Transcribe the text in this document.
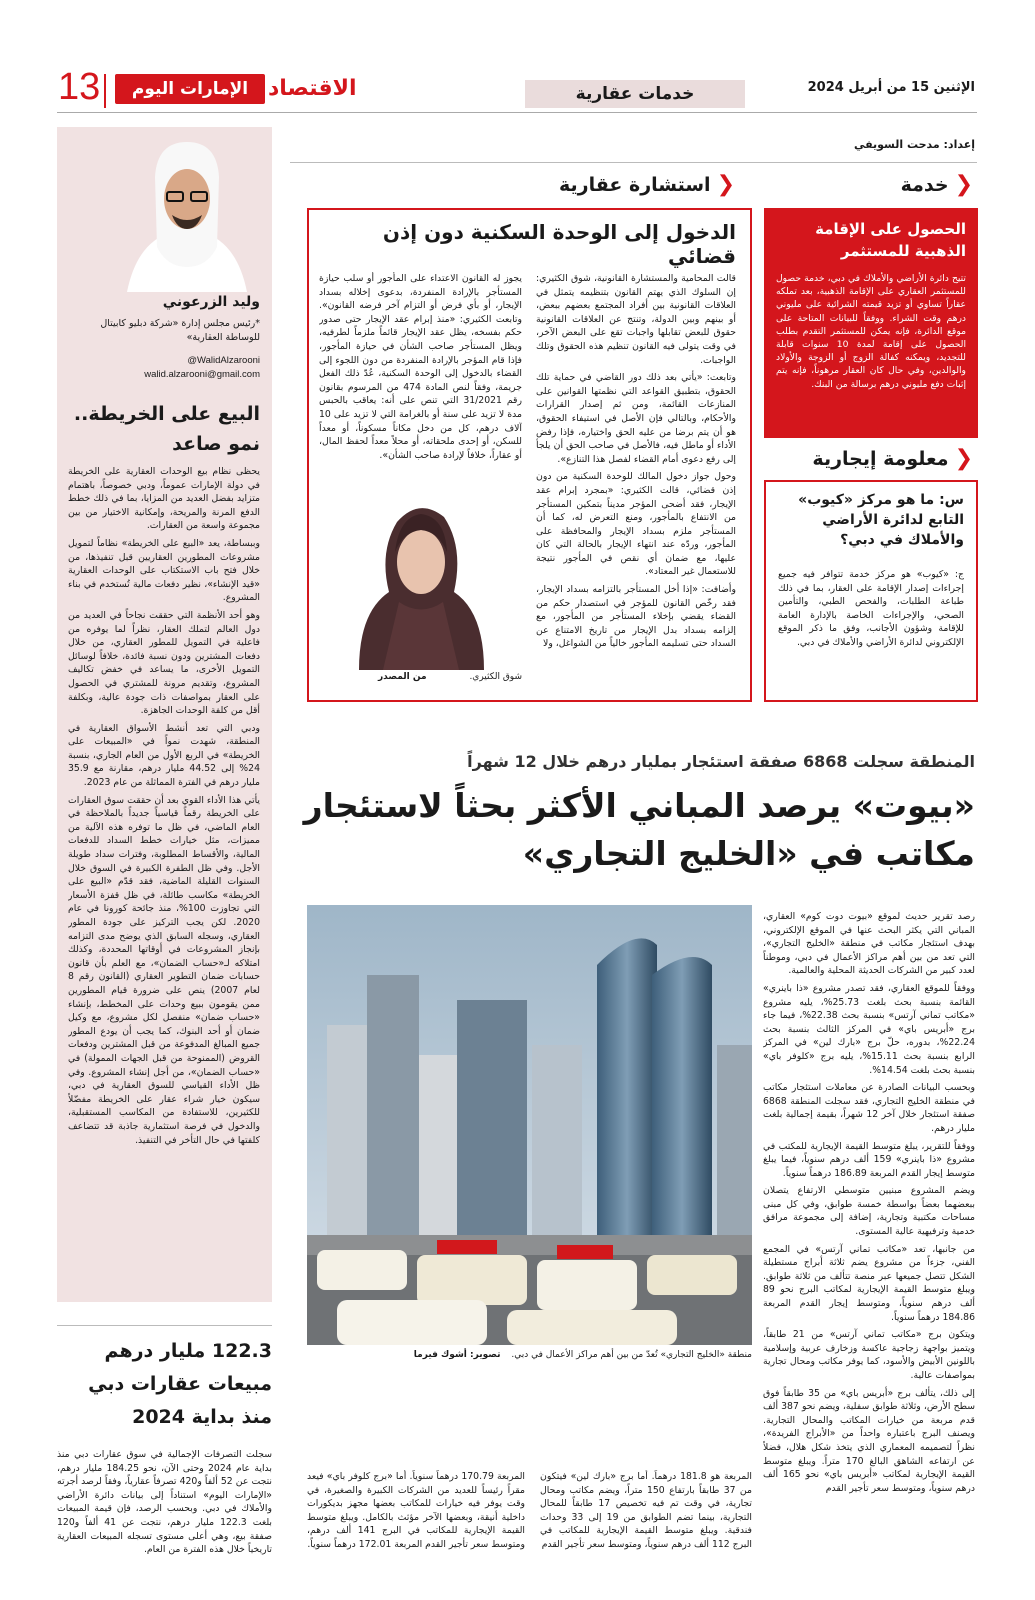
الإثنين 15 من أبريل 2024
خدمات عقارية
الاقتصاد
الإمارات اليوم
13
إعداد: مدحت السويفي
❮
خدمة
الحصول على الإقامة الذهبية للمستثمر
تتيح دائرة الأراضي والأملاك في دبي، خدمة حصول للمستثمر العقاري على الإقامة الذهبية، بعد تملكه عقاراً تساوي أو تزيد قيمته الشرائية على مليوني درهم وقت الشراء. ووفقاً للبيانات المتاحة على موقع الدائرة، فإنه يمكن للمستثمر التقدم بطلب الحصول على إقامة لمدة 10 سنوات قابلة للتجديد، ويمكنه كفالة الزوج أو الزوجة والأولاد والوالدين، وفي حال كان العقار مرهوناً، فإنه يتم إثبات دفع مليوني درهم برسالة من البنك.
❮
معلومة إيجارية
س: ما هو مركز «كيوب» التابع لدائرة الأراضي والأملاك في دبي؟
ج: «كيوب» هو مركز خدمة تتوافر فيه جميع إجراءات إصدار الإقامة على العقار، بما في ذلك طباعة الطلبات، والفحص الطبي، والتأمين الصحي، والإجراءات الخاصة بالإدارة العامة للإقامة وشؤون الأجانب، وفق ما ذكر الموقع الإلكتروني لدائرة الأراضي والأملاك في دبي.
❮
استشارة عقارية
الدخول إلى الوحدة السكنية دون إذن قضائي

قالت المحامية والمستشارة القانونية، شوق الكثيري: إن السلوك الذي يهتم القانون بتنظيمه يتمثل في العلاقات القانونية بين أفراد المجتمع بعضهم ببعض، أو بينهم وبين الدولة، وتنتج عن العلاقات القانونية حقوق للبعض تقابلها واجبات تقع على البعض الآخر، في وقت يتولى فيه القانون تنظيم هذه الحقوق وتلك الواجبات.

وتابعت: «يأتي بعد ذلك دور القاضي في حماية تلك الحقوق، بتطبيق القواعد التي نظمتها القوانين على المنازعات القائمة، ومن ثم إصدار القرارات والأحكام، وبالتالي فإن الأصل في استيفاء الحقوق، هو أن يتم برضا من عليه الحق واختياره، فإذا رفض الأداء أو ماطل فيه، فالأصل في صاحب الحق أن يلجأ إلى رفع دعوى أمام القضاء لفصل هذا التنازع».

وحول جواز دخول المالك للوحدة السكنية من دون إذن قضائي، قالت الكثيري: «بمجرد إبرام عقد الإيجار، فقد أضحى المؤجر مديناً بتمكين المستأجر من الانتفاع بالمأجور، ومنع التعرض له، كما أن المستأجر ملزم بسداد الإيجار والمحافظة على المأجور، وردّه عند انتهاء الإيجار بالحالة التي كان عليها، مع ضمان أي نقص في المأجور نتيجة للاستعمال غير المعتاد».

وأضافت: «إذا أخل المستأجر بالتزامه بسداد الإيجار، فقد رخّص القانون للمؤجر في استصدار حكم من القضاء يقضي بإخلاء المستأجر من المأجور، مع إلزامه بسداد بدل الإيجار من تاريخ الامتناع عن السداد حتى تسليمه المأجور خالياً من الشواغل، ولا

يجوز له القانون الاعتداء على المأجور أو سلب حيازة المستأجر بالإرادة المنفردة، بدعوى إخلاله بسداد الإيجار، أو بأي فرض أو التزام آخر فرضه القانون». وتابعت الكثيري: «منذ إبرام عقد الإيجار حتى صدور حكم بفسخه، يظل عقد الإيجار قائماً ملزماً لطرفيه، ويظل المستأجر صاحب الشأن في حيازة المأجور، فإذا قام المؤجر بالإرادة المنفردة من دون اللجوء إلى القضاء بالدخول إلى الوحدة السكنية، عُدّ ذلك الفعل جريمة، وفقاً لنص المادة 474 من المرسوم بقانون رقم 31/2021 التي تنص على أنه: يعاقب بالحبس مدة لا تزيد على سنة أو بالغرامة التي لا تزيد على 10 آلاف درهم، كل من دخل مكاناً مسكوناً، أو معداً للسكن، أو إحدى ملحقاته، أو محلاً معداً لحفظ المال، أو عقاراً، خلافاً لإرادة صاحب الشأن».
شوق الكثيري. من المصدر
المنطقة سجلت 6868 صفقة استئجار بمليار درهم خلال 12 شهراً
«بيوت» يرصد المباني الأكثر بحثاً لاستئجار مكاتب في «الخليج التجاري»
منطقة «الخليج التجاري» تُعدّ من بين أهم مراكز الأعمال في دبي. تصوير: أشوك فيرما

رصد تقرير حديث لموقع «بيوت دوت كوم» العقاري، المباني التي يكثر البحث عنها في الموقع الإلكتروني، بهدف استئجار مكاتب في منطقة «الخليج التجاري»، التي تعد من بين أهم مراكز الأعمال في دبي، وموطناً لعدد كبير من الشركات الحديثة المحلية والعالمية.

ووفقاً للموقع العقاري، فقد تصدر مشروع «ذا باينري» القائمة بنسبة بحث بلغت 25.73%، يليه مشروع «مكاتب تماني آرتس» بنسبة بحث 22.38%، فيما جاء برج «أبريس باي» في المركز الثالث بنسبة بحث 22.24%، بدوره، حلّ برج «بارك لين» في المركز الرابع بنسبة بحث 15.11%، يليه برج «كلوفر باي» بنسبة بحث بلغت 14.54%.

وبحسب البيانات الصادرة عن معاملات استئجار مكاتب في منطقة الخليج التجاري، فقد سجلت المنطقة 6868 صفقة استئجار خلال آخر 12 شهراً، بقيمة إجمالية بلغت مليار درهم.

ووفقاً للتقرير، يبلغ متوسط القيمة الإيجارية للمكتب في مشروع «ذا باينري» 159 ألف درهم سنوياً، فيما يبلغ متوسط إيجار القدم المربعة 186.89 درهماً سنوياً.

ويضم المشروع مبنيين متوسطي الارتفاع يتصلان ببعضهما بعضاً بواسطة خمسة طوابق، وفي كل مبنى مساحات مكتبية وتجارية، إضافة إلى مجموعة مرافق خدمية وترفيهية عالية المستوى.

من جانبها، تعد «مكاتب تماني آرتس» في المجمع الفني، جزءاً من مشروع يضم ثلاثة أبراج مستطيلة الشكل تتصل جميعها عبر منصة تتألف من ثلاثة طوابق. ويبلغ متوسط القيمة الإيجارية لمكاتب البرج نحو 89 ألف درهم سنوياً، ومتوسط إيجار القدم المربعة 184.86 درهماً سنوياً.

ويتكون برج «مكاتب تماني آرتس» من 21 طابقاً، ويتميز بواجهة زجاجية عاكسة وزخارف عربية وإسلامية باللونين الأبيض والأسود، كما يوفر مكاتب ومحال تجارية بمواصفات عالية.

إلى ذلك، يتألف برج «أبريس باي» من 35 طابقاً فوق سطح الأرض، وثلاثة طوابق سفلية، ويضم نحو 387 ألف قدم مربعة من خيارات المكاتب والمحال التجارية. ويصنف البرج باعتباره واحداً من «الأبراج الفريدة»، نظراً لتصميمه المعماري الذي يتخذ شكل هلال، فضلاً عن ارتفاعه الشاهق البالغ 170 متراً. ويبلغ متوسط القيمة الإيجارية لمكاتب «أبريس باي» نحو 165 ألف درهم سنوياً، ومتوسط سعر تأجير القدم

المربعة هو 181.8 درهماً. أما برج «بارك لين» فيتكون من 37 طابقاً بارتفاع 150 متراً، ويضم مكاتب ومحال تجارية، في وقت تم فيه تخصيص 17 طابقاً للمحال التجارية، بينما تضم الطوابق من 19 إلى 33 وحدات فندقية. ويبلغ متوسط القيمة الإيجارية للمكاتب في البرج 112 ألف درهم سنوياً، ومتوسط سعر تأجير القدم
المربعة 170.79 درهماً سنوياً. أما «برج كلوفر باي» فيعد مقراً رئيساً للعديد من الشركات الكبيرة والصغيرة، في وقت يوفر فيه خيارات للمكاتب بعضها مجهز بديكورات داخلية أنيقة، وبعضها الآخر مؤثث بالكامل. ويبلغ متوسط القيمة الإيجارية للمكاتب في البرج 141 ألف درهم، ومتوسط سعر تأجير القدم المربعة 172.01 درهماً سنوياً.
وليد الزرعوني
*رئيس مجلس إدارة «شركة دبليو كابيتال للوساطة العقارية»
@WalidAlzarooni
walid.alzarooni@gmail.com
البيع على الخريطة.. نمو صاعد

يحظى نظام بيع الوحدات العقارية على الخريطة في دولة الإمارات عموماً، ودبي خصوصاً، باهتمام متزايد بفضل العديد من المزايا، بما في ذلك خطط الدفع المرنة والمريحة، وإمكانية الاختيار من بين مجموعة واسعة من العقارات.

وببساطة، يعد «البيع على الخريطة» نظاماً لتمويل مشروعات المطورين العقاريين قبل تنفيذها، من خلال فتح باب الاستكتاب على الوحدات العقارية «قيد الإنشاء»، نظير دفعات مالية تُستخدم في بناء المشروع.

وهو أحد الأنظمة التي حققت نجاحاً في العديد من دول العالم لتملك العقار، نظراً لما يوفره من فاعلية في التمويل للمطور العقاري، من خلال دفعات المشترين ودون نسبة فائدة، خلافاً لوسائل التمويل الأخرى، ما يساعد في خفض تكاليف المشروع، وتقديم مرونة للمشتري في الحصول على العقار بمواصفات ذات جودة عالية، وبكلفة أقل من كلفة الوحدات الجاهزة.

ودبي التي تعد أنشط الأسواق العقارية في المنطقة، شهدت نمواً في «المبيعات على الخريطة» في الربع الأول من العام الجاري، بنسبة 24% إلى 44.52 مليار درهم، مقارنة مع 35.9 مليار درهم في الفترة المماثلة من عام 2023.

يأتي هذا الأداء القوي بعد أن حققت سوق العقارات على الخريطة رقماً قياسياً جديداً بالملاحظة في العام الماضي، في ظل ما توفره هذه الآلية من مميزات، مثل خيارات خطط السداد للدفعات المالية، والأقساط المطلوبة، وفترات سداد طويلة الأجل. وفي ظل الطفرة الكبيرة في السوق خلال السنوات القليلة الماضية، فقد قدّم «البيع على الخريطة» مكاسب طائلة، في ظل قفزة الأسعار التي تجاوزت 100%، منذ جائحة كورونا في عام 2020. لكن يجب التركيز على جودة المطور العقاري، وسجله السابق الذي يوضح مدى التزامه بإنجاز المشروعات في أوقاتها المحددة، وكذلك امتلاكه لـ«حساب الضمان»، مع العلم بأن قانون حسابات ضمان التطوير العقاري (القانون رقم 8 لعام 2007) ينص على ضرورة قيام المطورين ممن يقومون ببيع وحدات على المخطط، بإنشاء «حساب ضمان» منفصل لكل مشروع، مع وكيل ضمان أو أحد البنوك، كما يجب أن يودع المطور جميع المبالغ المدفوعة من قبل المشترين ودفعات القروض (الممنوحة من قبل الجهات الممولة) في «حساب الضمان»، من أجل إنشاء المشروع. وفي ظل الأداء القياسي للسوق العقارية في دبي، سيكون خيار شراء عقار على الخريطة مفضّلاً للكثيرين، للاستفادة من المكاسب المستقبلية، والدخول في فرصة استثمارية جاذبة قد تتضاعف كلفتها في حال التأخر في التنفيذ.

122.3 مليار درهم مبيعات عقارات دبي منذ بداية 2024
سجلت التصرفات الإجمالية في سوق عقارات دبي منذ بداية عام 2024 وحتى الآن، نحو 184.25 مليار درهم، نتجت عن 52 ألفاً و420 تصرفاً عقارياً، وفقاً لرصد أجرته «الإمارات اليوم» استناداً إلى بيانات دائرة الأراضي والأملاك في دبي. وبحسب الرصد، فإن قيمة المبيعات بلغت 122.3 مليار درهم، نتجت عن 41 ألفاً و120 صفقة بيع، وهي أعلى مستوى تسجله المبيعات العقارية تاريخياً خلال هذه الفترة من العام.
